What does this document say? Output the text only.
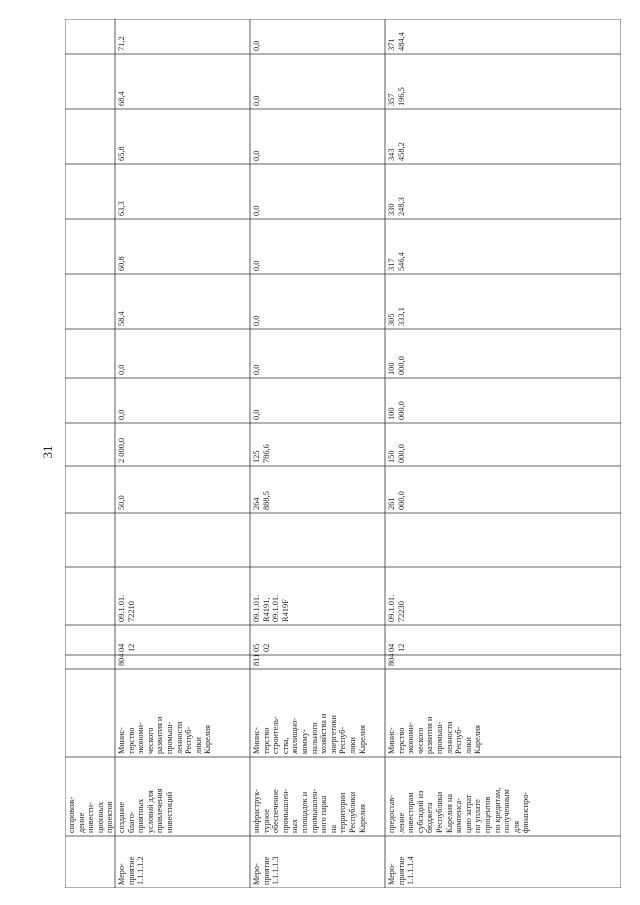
31
сопровож-
дение
инвести-
ционных
проектов
Меро-
приятие
1.1.1.1.2
создание
благо-
приятных
условий для
привлечения
инвестиций
Минис-
терство
экономи-
ческого
развития и
промыш-
ленности
Респуб-
лики
Карелия
804
04
12
09.1.01.
72210
50,0
2 000,0
0,0
0,0
58,4
60,8
63,3
65,8
68,4
71,2
Меро-
приятие
1.1.1.1.3
инфраструк-
турное
обеспечение
промышлен-
ных
площадок и
промышлен-
ного парка
на
территории
Республики
Карелия
Минис-
терство
строитель-
ства,
жилищно-
комму-
нального
хозяйства и
энергетики
Респуб-
лики
Карелия
811
05
02
09.1.01.
R4191,
09.1.01.
R419F
264
888,5
125
786,6
0,0
0,0
0,0
0,0
0,0
0,0
0,0
0,0
Меро-
приятие
1.1.1.1.4
предостав-
ление
инвесторам
субсидий из
бюджета
Республики
Карелия на
компенса-
цию затрат
по уплате
процентов
по кредитам,
полученным
для
финансиро-
Минис-
терство
экономи-
ческого
развития и
промыш-
ленности
Респуб-
лики
Карелия
804
04
12
09.1.01.
72230
261
000,0
150
000,0
100
000,0
100
000,0
305
333,1
317
546,4
330
248,3
343
458,2
357
196,5
371
484,4
